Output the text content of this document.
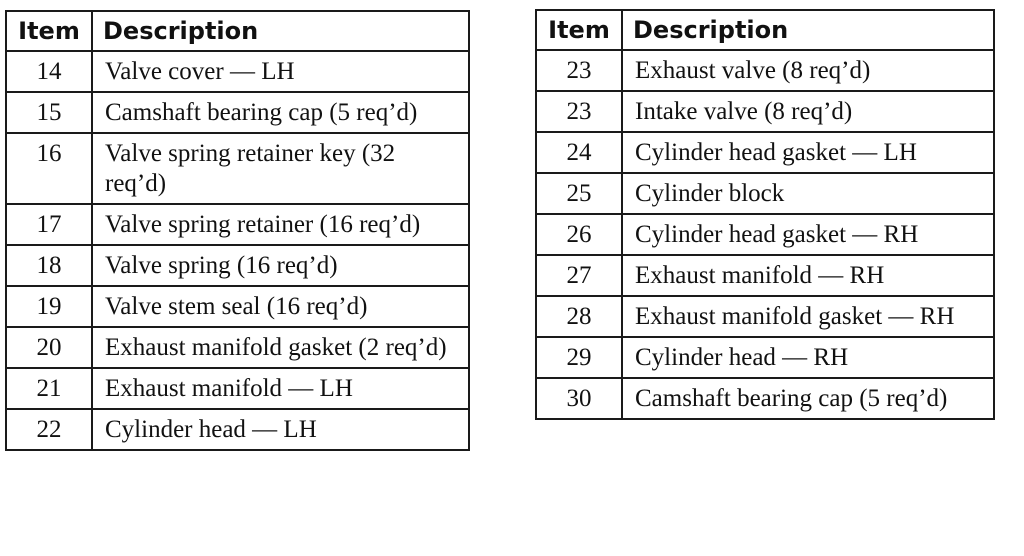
Item	Description
14	Valve cover — LH
15	Camshaft bearing cap (5 req’d)
16	Valve spring retainer key (32 req’d)
17	Valve spring retainer (16 req’d)
18	Valve spring (16 req’d)
19	Valve stem seal (16 req’d)
20	Exhaust manifold gasket (2 req’d)
21	Exhaust manifold — LH
22	Cylinder head — LH
Item	Description
23	Exhaust valve (8 req’d)
23	Intake valve (8 req’d)
24	Cylinder head gasket — LH
25	Cylinder block
26	Cylinder head gasket — RH
27	Exhaust manifold — RH
28	Exhaust manifold gasket — RH
29	Cylinder head — RH
30	Camshaft bearing cap (5 req’d)
